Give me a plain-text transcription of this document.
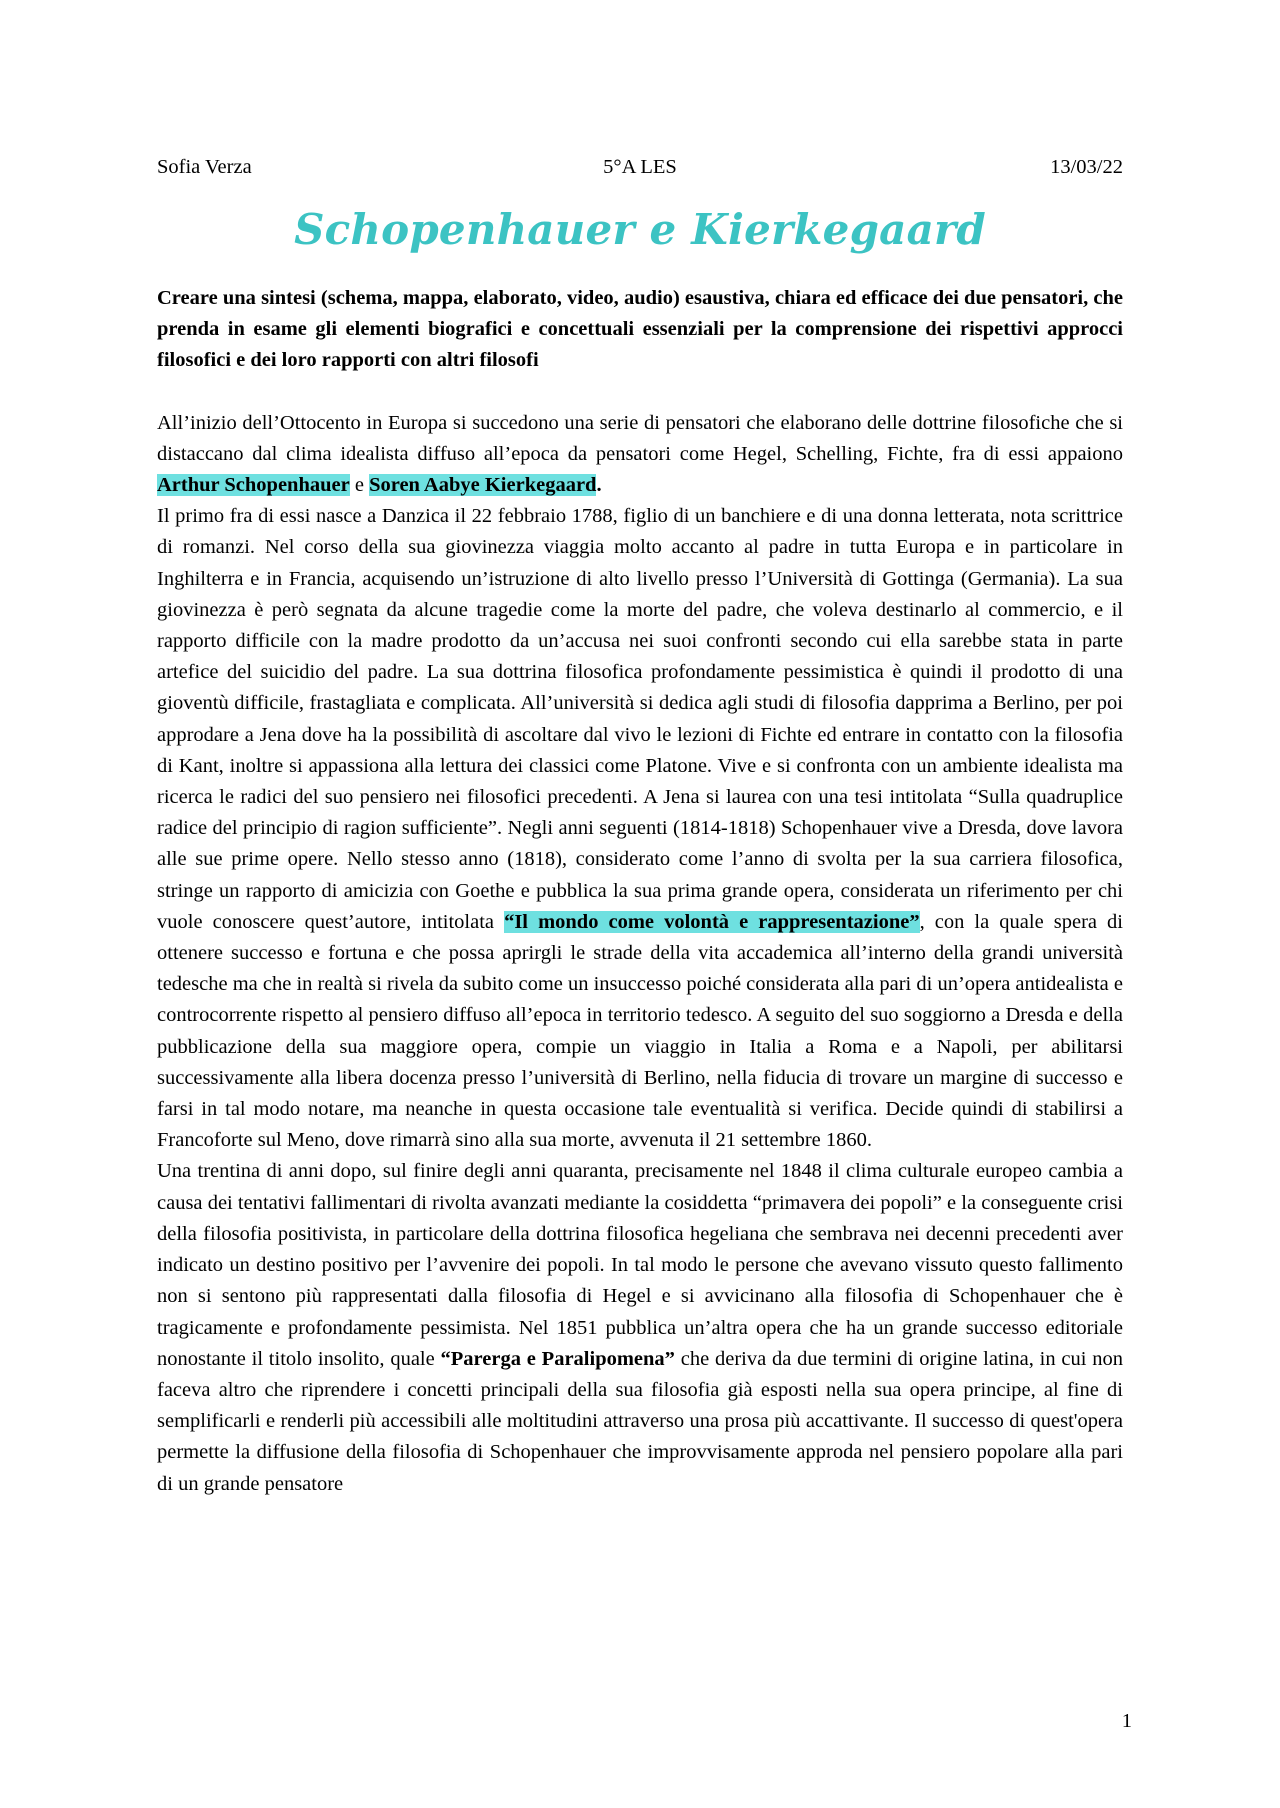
Sofia Verza	5°A LES	13/03/22
Schopenhauer e Kierkegaard

Creare una sintesi (schema, mappa, elaborato, video, audio) esaustiva, chiara ed efficace dei due pensatori, che prenda in esame gli elementi biografici e concettuali essenziali per la comprensione dei rispettivi approcci filosofici e dei loro rapporti con altri filosofi

All’inizio dell’Ottocento in Europa si succedono una serie di pensatori che elaborano delle dottrine filosofiche che si distaccano dal clima idealista diffuso all’epoca da pensatori come Hegel, Schelling, Fichte, fra di essi appaiono Arthur Schopenhauer e Soren Aabye Kierkegaard.

Il primo fra di essi nasce a Danzica il 22 febbraio 1788, figlio di un banchiere e di una donna letterata, nota scrittrice di romanzi. Nel corso della sua giovinezza viaggia molto accanto al padre in tutta Europa e in particolare in Inghilterra e in Francia, acquisendo un’istruzione di alto livello presso l’Università di Gottinga (Germania). La sua giovinezza è però segnata da alcune tragedie come la morte del padre, che voleva destinarlo al commercio, e il rapporto difficile con la madre prodotto da un’accusa nei suoi confronti secondo cui ella sarebbe stata in parte artefice del suicidio del padre. La sua dottrina filosofica profondamente pessimistica è quindi il prodotto di una gioventù difficile, frastagliata e complicata. All’università si dedica agli studi di filosofia dapprima a Berlino, per poi approdare a Jena dove ha la possibilità di ascoltare dal vivo le lezioni di Fichte ed entrare in contatto con la filosofia di Kant, inoltre si appassiona alla lettura dei classici come Platone. Vive e si confronta con un ambiente idealista ma ricerca le radici del suo pensiero nei filosofici precedenti. A Jena si laurea con una tesi intitolata “Sulla quadruplice radice del principio di ragion sufficiente”. Negli anni seguenti (1814-1818) Schopenhauer vive a Dresda, dove lavora alle sue prime opere. Nello stesso anno (1818), considerato come l’anno di svolta per la sua carriera filosofica, stringe un rapporto di amicizia con Goethe e pubblica la sua prima grande opera, considerata un riferimento per chi vuole conoscere quest’autore, intitolata “Il mondo come volontà e rappresentazione”, con la quale spera di ottenere successo e fortuna e che possa aprirgli le strade della vita accademica all’interno della grandi università tedesche ma che in realtà si rivela da subito come un insuccesso poiché considerata alla pari di un’opera antidealista e controcorrente rispetto al pensiero diffuso all’epoca in territorio tedesco. A seguito del suo soggiorno a Dresda e della pubblicazione della sua maggiore opera, compie un viaggio in Italia a Roma e a Napoli, per abilitarsi successivamente alla libera docenza presso l’università di Berlino, nella fiducia di trovare un margine di successo e farsi in tal modo notare, ma neanche in questa occasione tale eventualità si verifica. Decide quindi di stabilirsi a Francoforte sul Meno, dove rimarrà sino alla sua morte, avvenuta il 21 settembre 1860.

Una trentina di anni dopo, sul finire degli anni quaranta, precisamente nel 1848 il clima culturale europeo cambia a causa dei tentativi fallimentari di rivolta avanzati mediante la cosiddetta “primavera dei popoli” e la conseguente crisi della filosofia positivista, in particolare della dottrina filosofica hegeliana che sembrava nei decenni precedenti aver indicato un destino positivo per l’avvenire dei popoli. In tal modo le persone che avevano vissuto questo fallimento non si sentono più rappresentati dalla filosofia di Hegel e si avvicinano alla filosofia di Schopenhauer che è tragicamente e profondamente pessimista. Nel 1851 pubblica un’altra opera che ha un grande successo editoriale nonostante il titolo insolito, quale “Parerga e Paralipomena” che deriva da due termini di origine latina, in cui non faceva altro che riprendere i concetti principali della sua filosofia già esposti nella sua opera principe, al fine di semplificarli e renderli più accessibili alle moltitudini attraverso una prosa più accattivante. Il successo di quest'opera permette la diffusione della filosofia di Schopenhauer che improvvisamente approda nel pensiero popolare alla pari di un grande pensatore

1
